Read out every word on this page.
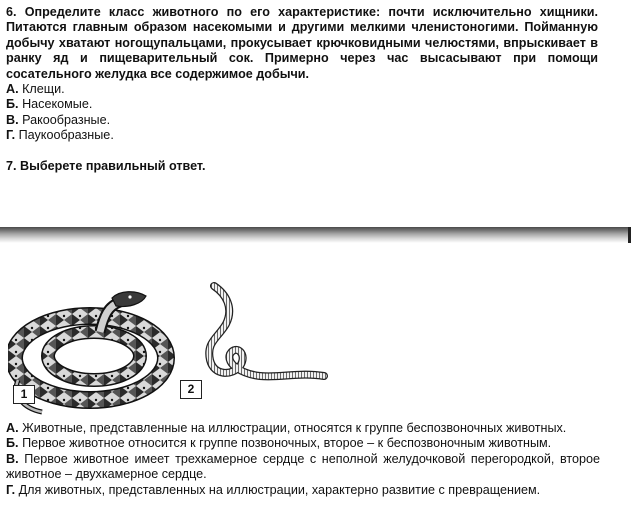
6. Определите класс животного по его характеристике: почти исключительно хищники. Питаются главным образом насекомыми и другими мелкими членистоногими. Пойманную добычу хватают ногощупальцами, прокусывает крючковидными челюстями, впрыскивает в ранку яд и пищеварительный сок. Примерно через час высасывают при помощи сосательного желудка все содержимое добычи.

А. Клещи.

Б. Насекомые.

В. Ракообразные.

Г. Паукообразные.

7. Выберете правильный ответ.

1	2

А. Животные, представленные на иллюстрации, относятся к группе беспозвоночных животных.

Б. Первое животное относится к группе позвоночных, второе – к беспозвоночным животным.

В. Первое животное имеет трехкамерное сердце с неполной желудочковой перегородкой, второе животное – двухкамерное сердце.

Г. Для животных, представленных на иллюстрации, характерно развитие с превращением.
